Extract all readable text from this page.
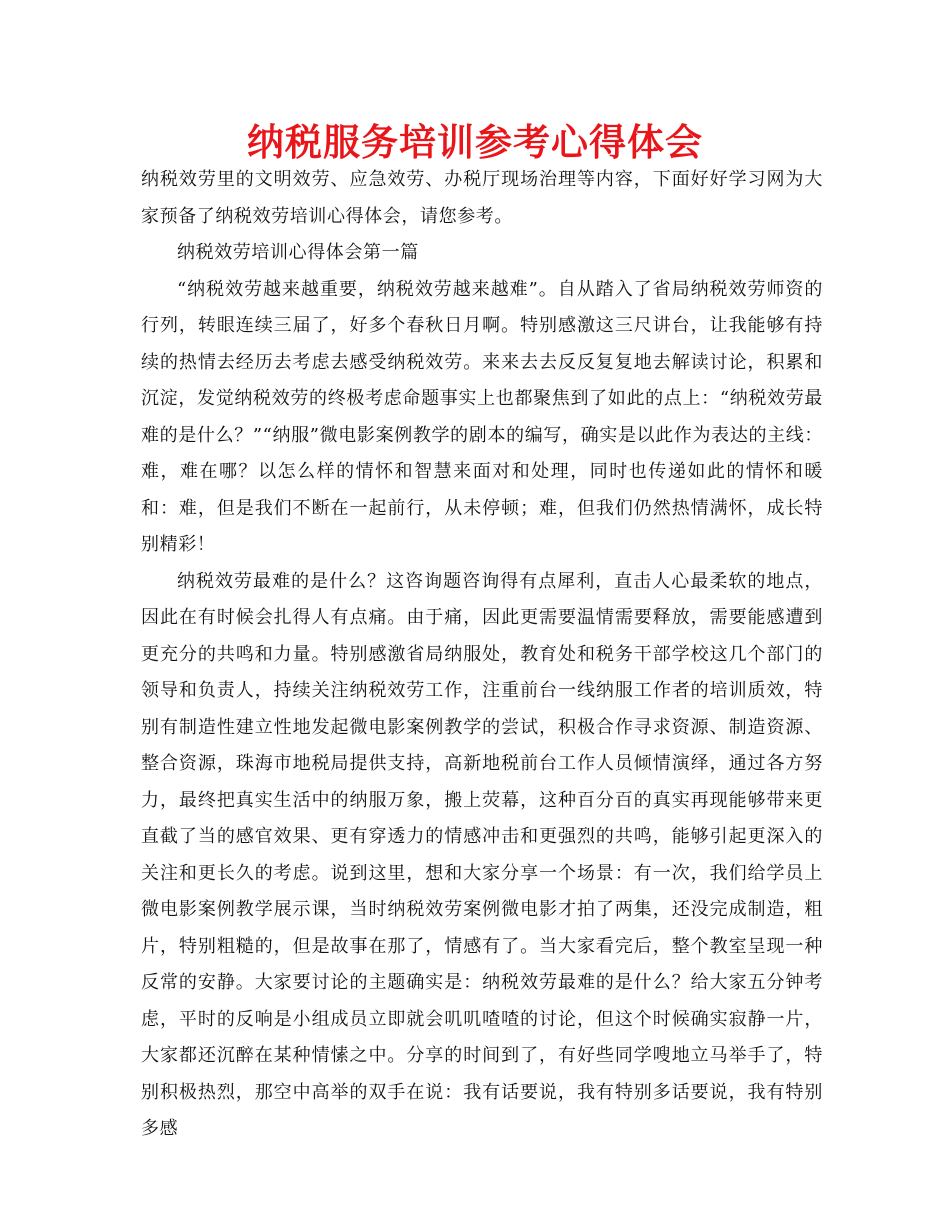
纳税服务培训参考心得体会

纳税效劳里的文明效劳、应急效劳、办税厅现场治理等内容，下面好好学习网为大家预备了纳税效劳培训心得体会，请您参考。

纳税效劳培训心得体会第一篇

“纳税效劳越来越重要，纳税效劳越来越难”。自从踏入了省局纳税效劳师资的行列，转眼连续三届了，好多个春秋日月啊。特别感激这三尺讲台，让我能够有持续的热情去经历去考虑去感受纳税效劳。来来去去反反复复地去解读讨论，积累和沉淀，发觉纳税效劳的终极考虑命题事实上也都聚焦到了如此的点上：“纳税效劳最难的是什么？”“纳服”微电影案例教学的剧本的编写，确实是以此作为表达的主线：难，难在哪？以怎么样的情怀和智慧来面对和处理，同时也传递如此的情怀和暖和：难，但是我们不断在一起前行，从未停顿；难，但我们仍然热情满怀，成长特别精彩！

纳税效劳最难的是什么？这咨询题咨询得有点犀利，直击人心最柔软的地点，因此在有时候会扎得人有点痛。由于痛，因此更需要温情需要释放，需要能感遭到更充分的共鸣和力量。特别感激省局纳服处，教育处和税务干部学校这几个部门的领导和负责人，持续关注纳税效劳工作，注重前台一线纳服工作者的培训质效，特别有制造性建立性地发起微电影案例教学的尝试，积极合作寻求资源、制造资源、整合资源，珠海市地税局提供支持，高新地税前台工作人员倾情演绎，通过各方努力，最终把真实生活中的纳服万象，搬上荧幕，这种百分百的真实再现能够带来更直截了当的感官效果、更有穿透力的情感冲击和更强烈的共鸣，能够引起更深入的关注和更长久的考虑。说到这里，想和大家分享一个场景：有一次，我们给学员上微电影案例教学展示课，当时纳税效劳案例微电影才拍了两集，还没完成制造，粗片，特别粗糙的，但是故事在那了，情感有了。当大家看完后，整个教室呈现一种反常的安静。大家要讨论的主题确实是：纳税效劳最难的是什么？给大家五分钟考虑，平时的反响是小组成员立即就会叽叽喳喳的讨论，但这个时候确实寂静一片，大家都还沉醉在某种情愫之中。分享的时间到了，有好些同学嗖地立马举手了，特别积极热烈，那空中高举的双手在说：我有话要说，我有特别多话要说，我有特别多感
